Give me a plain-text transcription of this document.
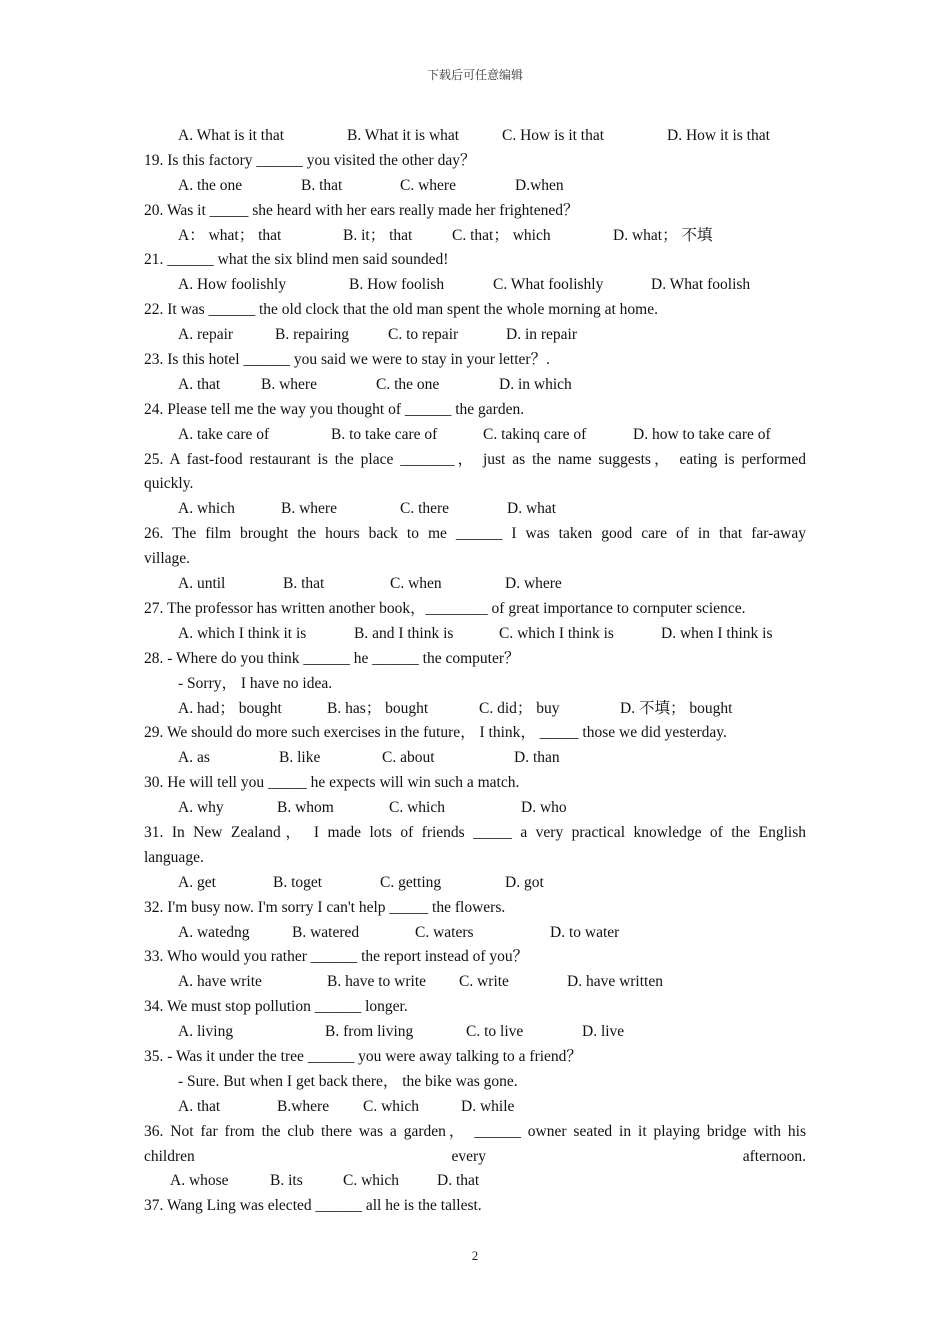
下载后可任意编辑
A. What is it that	B. What it is what	C. How is it that	D. How it is that
19. Is this factory ______ you visited the other day？
A. the one	B. that	C. where	D.when
20. Was it _____ she heard with her ears really made her frightened？
A： what； that	B. it； that	C. that； which	D. what； 不填
21. ______ what the six blind men said sounded!
A. How foolishly	B. How foolish	C. What foolishly	D. What foolish
22. It was ______ the old clock that the old man spent the whole morning at home.
A. repair	B. repairing	C. to repair	D. in repair
23. Is this hotel ______ you said we were to stay in your letter？.
A. that	B. where	C. the one	D. in which
24. Please tell me the way you thought of ______ the garden.
A. take care of	B. to take care of	C. takinq care of	D. how to take care of
25. A fast-food restaurant is the place _______， just as the name suggests， eating is performed
quickly.
A. which	B. where	C. there	D. what
26. The film brought the hours back to me ______ I was taken good care of in that far-away
village.
A. until	B. that	C. when	D. where
27. The professor has written another book，________ of great importance to cornputer science.
A. which I think it is	B. and I think is	C. which I think is	D. when I think is
28. - Where do you think ______ he ______ the computer？
- Sorry， I have no idea.
A. had； bought	B. has； bought	C. did； buy	D. 不填； bought
29. We should do more such exercises in the future， I think， _____ those we did yesterday.
A. as	B. like	C. about	D. than
30. He will tell you _____ he expects will win such a match.
A. why	B. whom	C. which	D. who
31. In New Zealand， I made lots of friends _____ a very practical knowledge of the English
language.
A. get	B. toget	C. getting	D. got
32. I'm busy now. I'm sorry I can't help _____ the flowers.
A. watedng	B. watered	C. waters	D. to water
33. Who would you rather ______ the report instead of you？
A. have write	B. have to write C. write	D. have written
34. We must stop pollution ______ longer.
A. living	B. from living	C. to live	D. live
35. - Was it under the tree ______ you were away talking to a friend？
- Sure. But when I get back there， the bike was gone.
A. that	B.where C. which	D. while
36. Not far from the club there was a garden， ______ owner seated in it playing bridge with his
children every afternoon.
A. whose	B. its	C. which D. that
37. Wang Ling was elected ______ all he is the tallest.
2
